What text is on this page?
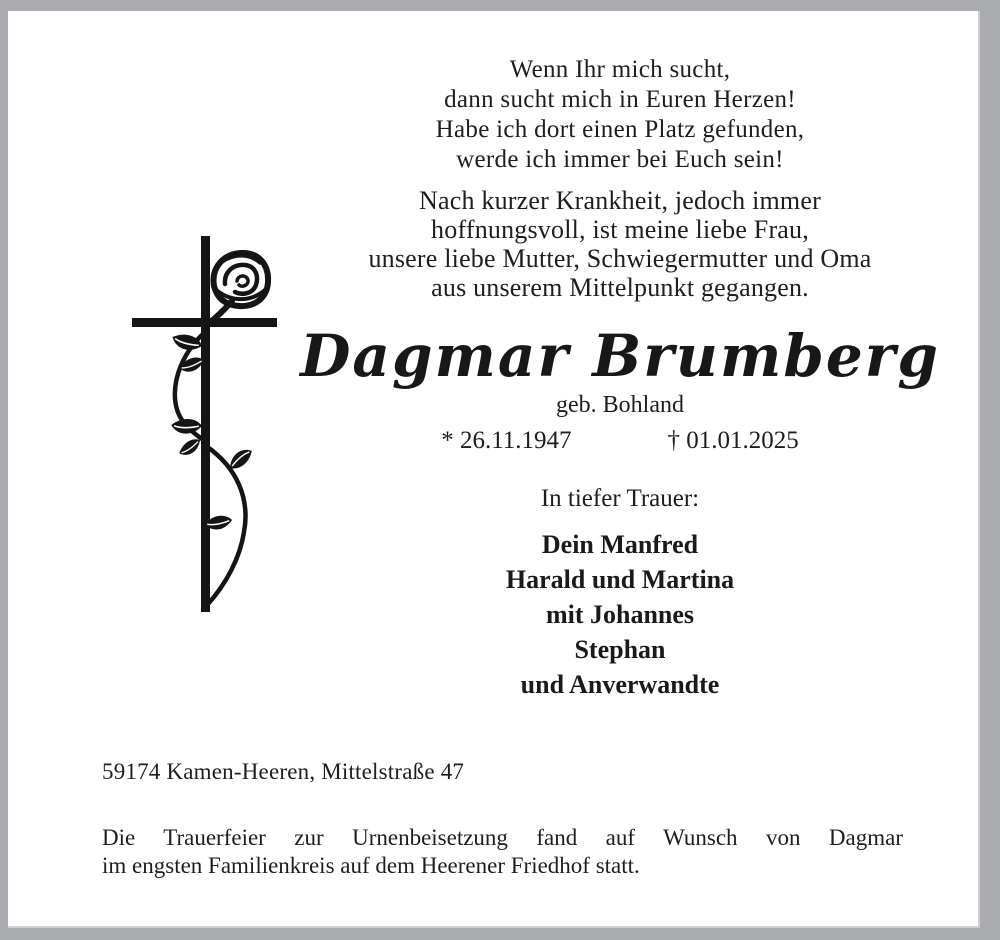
Wenn Ihr mich sucht,
dann sucht mich in Euren Herzen!
Habe ich dort einen Platz gefunden,
werde ich immer bei Euch sein!
Nach kurzer Krankheit, jedoch immer
hoffnungsvoll, ist meine liebe Frau,
unsere liebe Mutter, Schwiegermutter und Oma
aus unserem Mittelpunkt gegangen.
Dagmar Brumberg
geb. Bohland
* 26.11.1947	† 01.01.2025
In tiefer Trauer:
Dein Manfred
Harald und Martina
mit Johannes
Stephan
und Anverwandte
59174 Kamen-Heeren, Mittelstraße 47
Die Trauerfeier zur Urnenbeisetzung fand auf Wunsch von Dagmar
im engsten Familienkreis auf dem Heerener Friedhof statt.
